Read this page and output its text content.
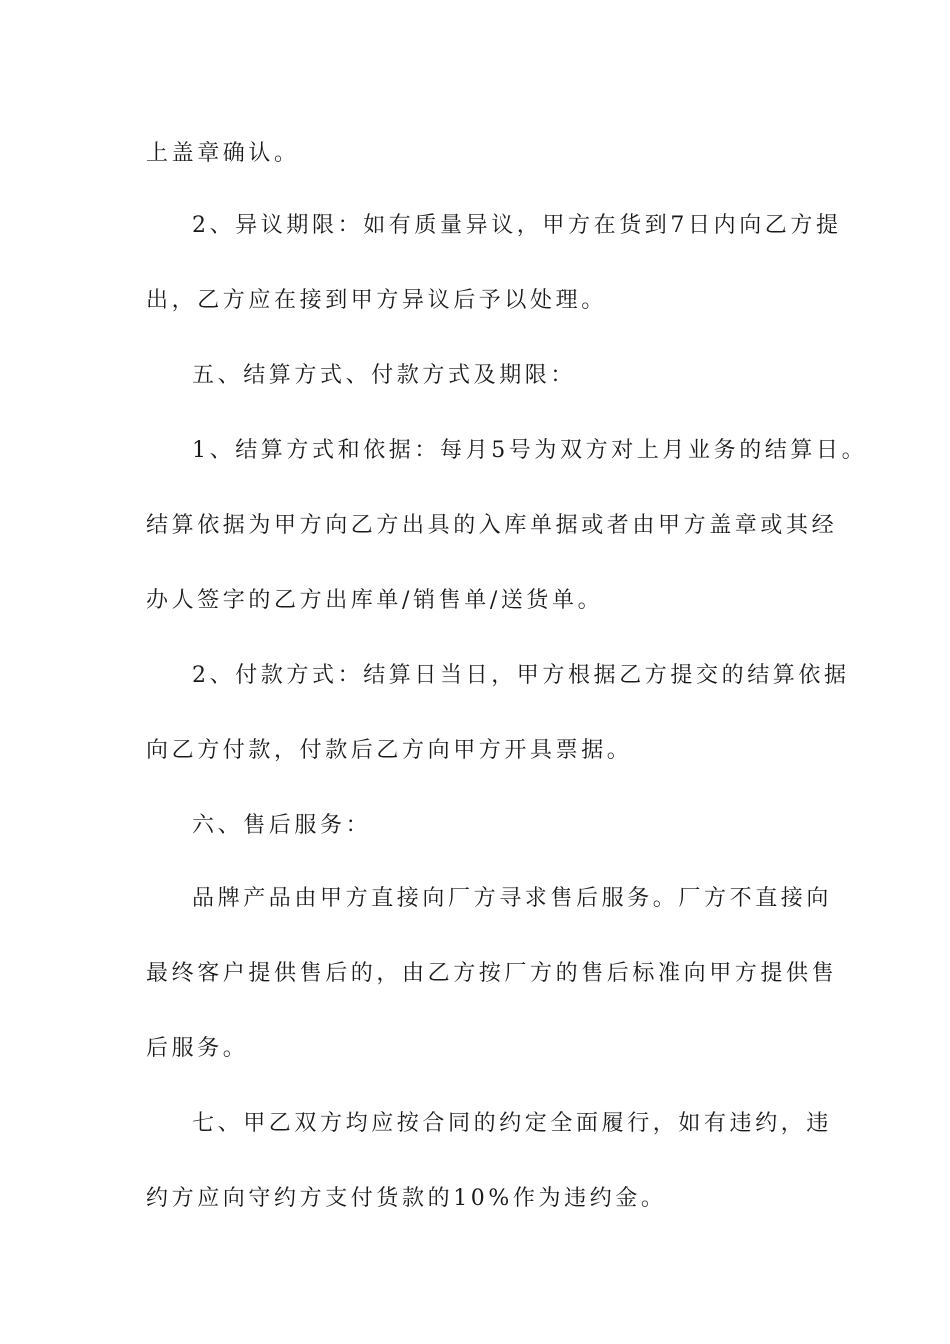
上盖章确认。
2、异议期限：如有质量异议，甲方在货到7日内向乙方提
出，乙方应在接到甲方异议后予以处理。
五、结算方式、付款方式及期限：
1、结算方式和依据：每月5号为双方对上月业务的结算日。
结算依据为甲方向乙方出具的入库单据或者由甲方盖章或其经
办人签字的乙方出库单/销售单/送货单。
2、付款方式：结算日当日，甲方根据乙方提交的结算依据
向乙方付款，付款后乙方向甲方开具票据。
六、售后服务：
品牌产品由甲方直接向厂方寻求售后服务。厂方不直接向
最终客户提供售后的，由乙方按厂方的售后标准向甲方提供售
后服务。
七、甲乙双方均应按合同的约定全面履行，如有违约，违
约方应向守约方支付货款的10%作为违约金。
